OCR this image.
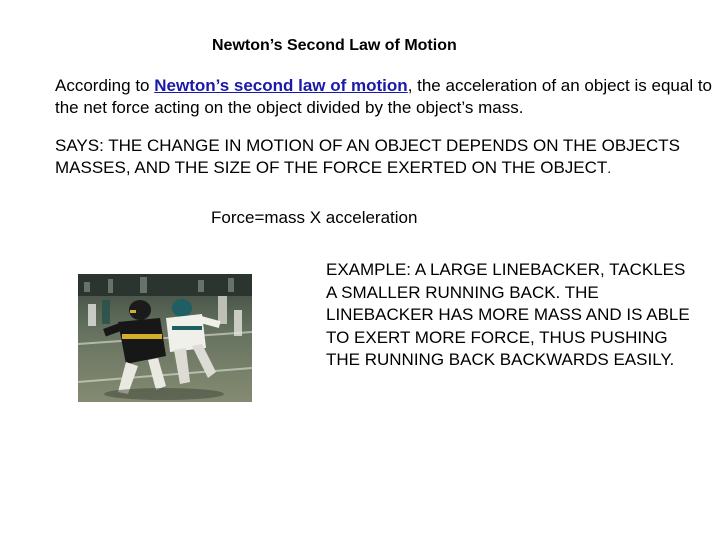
Newton’s Second Law of Motion
According to Newton’s second law of motion, the acceleration of an object is equal to the net force acting on the object divided by the object’s mass.
SAYS: THE CHANGE IN MOTION OF AN OBJECT DEPENDS ON THE OBJECTS MASSES, AND THE SIZE OF THE FORCE EXERTED ON THE OBJECT.
Force=mass X acceleration
EXAMPLE: A LARGE LINEBACKER, TACKLES A SMALLER RUNNING BACK. THE LINEBACKER HAS MORE MASS AND IS ABLE TO EXERT MORE FORCE, THUS PUSHING THE RUNNING BACK BACKWARDS EASILY.
